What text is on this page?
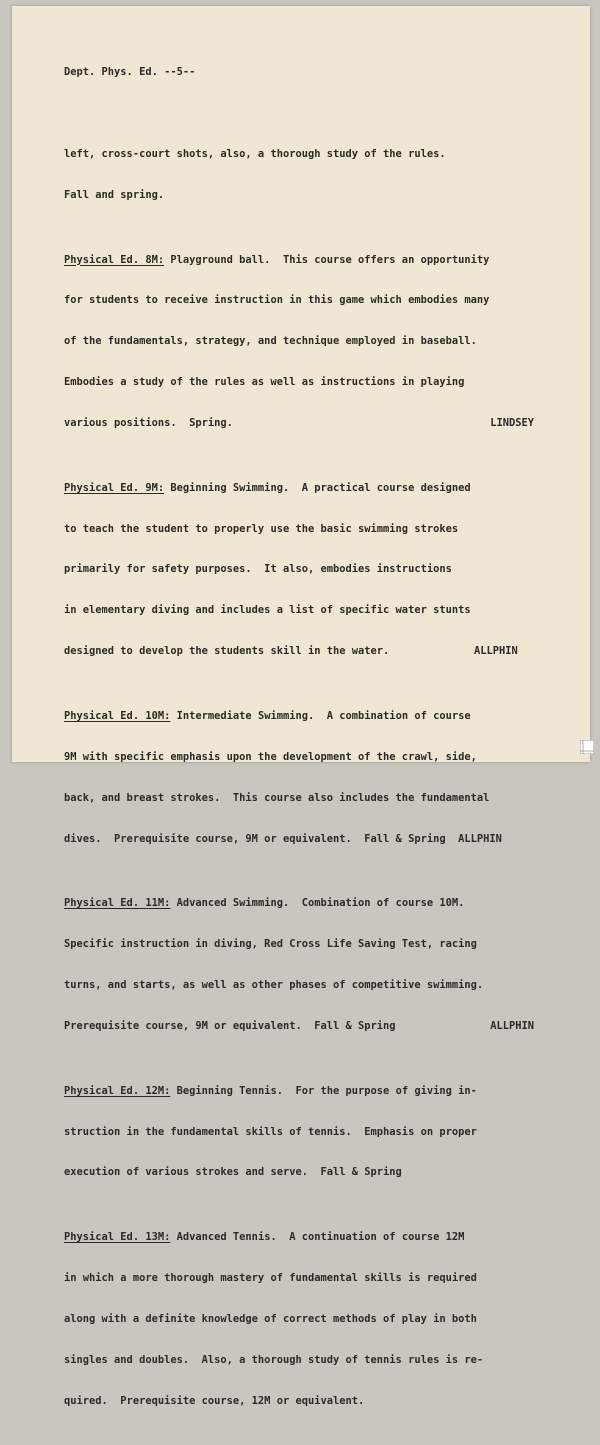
Dept. Phys. Ed. --5--

left, cross-court shots, also, a thorough study of the rules.

Fall and spring.

Physical Ed. 8M: Playground ball.  This course offers an opportunity

for students to receive instruction in this game which embodies many

of the fundamentals, strategy, and technique employed in baseball.

Embodies a study of the rules as well as instructions in playing

various positions.  Spring.	LINDSEY

Physical Ed. 9M: Beginning Swimming.  A practical course designed

to teach the student to properly use the basic swimming strokes

primarily for safety purposes.  It also, embodies instructions

in elementary diving and includes a list of specific water stunts

designed to develop the students skill in the water.	ALLPHIN

Physical Ed. 10M: Intermediate Swimming.  A combination of course

9M with specific emphasis upon the development of the crawl, side,

back, and breast strokes.  This course also includes the fundamental

dives.  Prerequisite course, 9M or equivalent.  Fall & Spring  ALLPHIN

Physical Ed. 11M: Advanced Swimming.  Combination of course 10M.

Specific instruction in diving, Red Cross Life Saving Test, racing

turns, and starts, as well as other phases of competitive swimming.

Prerequisite course, 9M or equivalent.  Fall & Spring	ALLPHIN

Physical Ed. 12M: Beginning Tennis.  For the purpose of giving in-

struction in the fundamental skills of tennis.  Emphasis on proper

execution of various strokes and serve.  Fall & Spring

Physical Ed. 13M: Advanced Tennis.  A continuation of course 12M

in which a more thorough mastery of fundamental skills is required

along with a definite knowledge of correct methods of play in both

singles and doubles.  Also, a thorough study of tennis rules is re-

quired.  Prerequisite course, 12M or equivalent.
